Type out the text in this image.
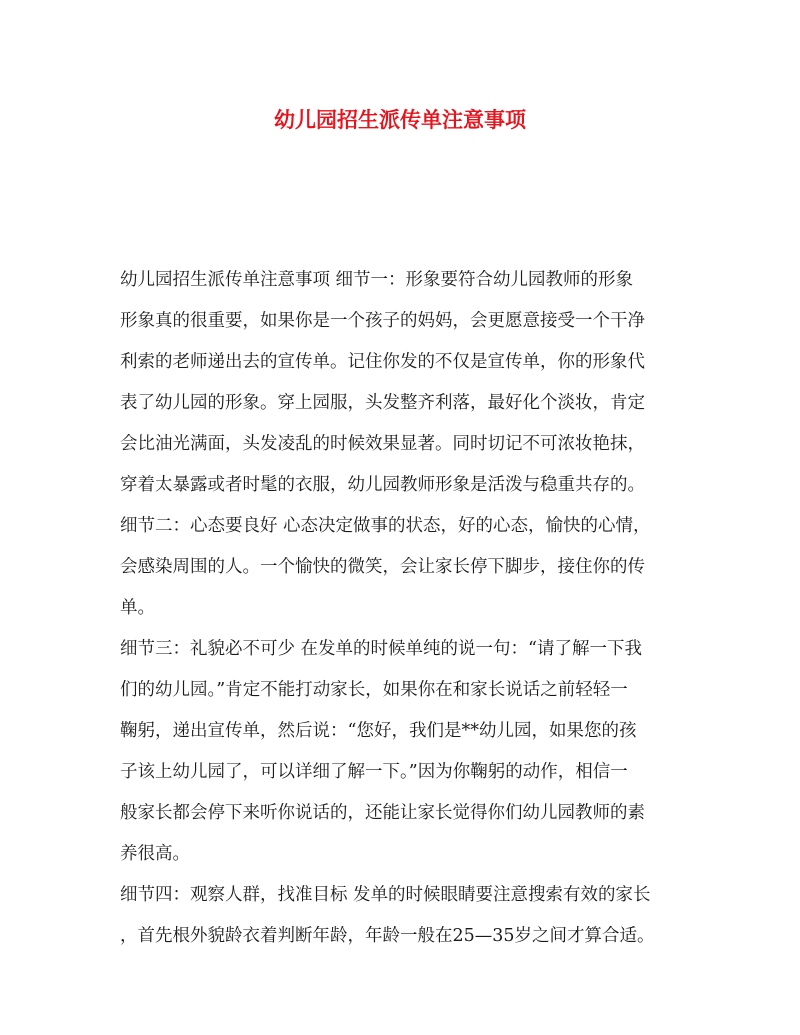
幼儿园招生派传单注意事项
幼儿园招生派传单注意事项 细节一：形象要符合幼儿园教师的形象
形象真的很重要，如果你是一个孩子的妈妈，会更愿意接受一个干净
利索的老师递出去的宣传单。记住你发的不仅是宣传单，你的形象代
表了幼儿园的形象。穿上园服，头发整齐利落，最好化个淡妆，肯定
会比油光满面，头发凌乱的时候效果显著。同时切记不可浓妆艳抹，
穿着太暴露或者时髦的衣服，幼儿园教师形象是活泼与稳重共存的。
细节二：心态要良好 心态决定做事的状态，好的心态，愉快的心情，
会感染周围的人。一个愉快的微笑，会让家长停下脚步，接住你的传
单。
细节三：礼貌必不可少 在发单的时候单纯的说一句：“请了解一下我
们的幼儿园。”肯定不能打动家长，如果你在和家长说话之前轻轻一
鞠躬，递出宣传单，然后说：“您好，我们是**幼儿园，如果您的孩
子该上幼儿园了，可以详细了解一下。”因为你鞠躬的动作，相信一
般家长都会停下来听你说话的，还能让家长觉得你们幼儿园教师的素
养很高。
细节四：观察人群，找准目标 发单的时候眼睛要注意搜索有效的家长
，首先根外貌龄衣着判断年龄，年龄一般在25—35岁之间才算合适。
